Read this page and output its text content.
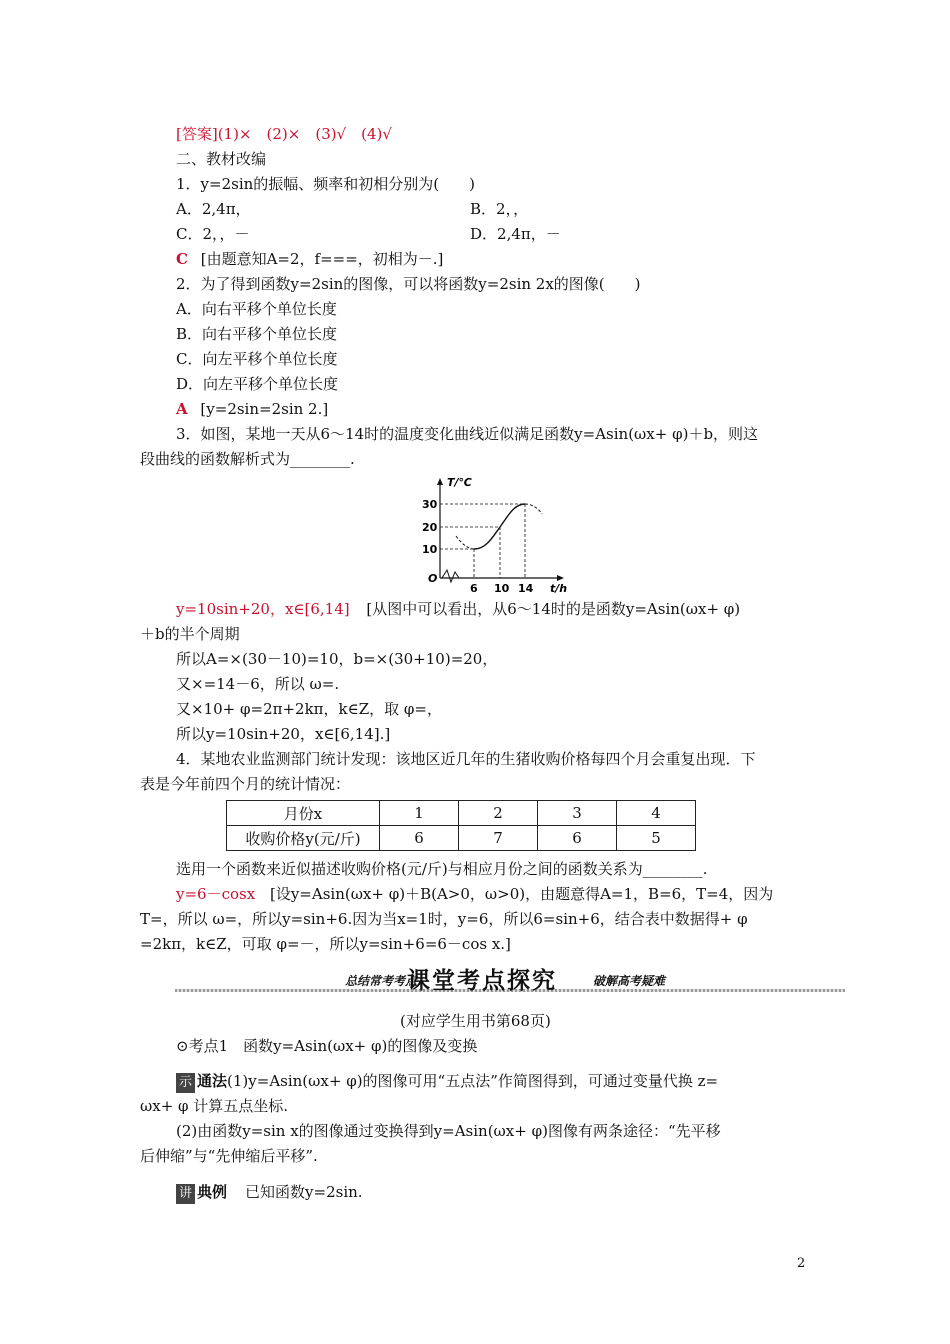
[答案](1)×　(2)×　(3)√　(4)√
二、教材改编
1．y=2sin的振幅、频率和初相分别为(　　)
A．2,4π，	B．2，，
C．2，，－	D．2,4π，－
C [由题意知A=2，f===，初相为－.]
2．为了得到函数y=2sin的图像，可以将函数y=2sin 2x的图像(　　)
A．向右平移个单位长度
B．向右平移个单位长度
C．向左平移个单位长度
D．向左平移个单位长度
A [y=2sin=2sin 2.]
3．如图，某地一天从6～14时的温度变化曲线近似满足函数y=Asin(ωx+ φ)＋b，则这
段曲线的函数解析式为________.
T/℃
t/h
O
30
20
10
6 10 14
y=10sin+20，x∈[6,14] [从图中可以看出，从6～14时的是函数y=Asin(ωx+ φ)
＋b的半个周期
所以A=×(30－10)=10，b=×(30+10)=20，
又×=14－6，所以 ω=.
又×10+ φ=2π+2kπ，k∈Z，取 φ=，
所以y=10sin+20，x∈[6,14].]
4．某地农业监测部门统计发现：该地区近几年的生猪收购价格每四个月会重复出现．下
表是今年前四个月的统计情况：
月份x	1	2	3	4
收购价格y(元/斤)	6	7	6	5
选用一个函数来近似描述收购价格(元/斤)与相应月份之间的函数关系为________.
y=6－cosx [设y=Asin(ωx+ φ)＋B(A>0，ω>0)，由题意得A=1，B=6，T=4，因为
T=，所以 ω=，所以y=sin+6.因为当x=1时，y=6，所以6=sin+6，结合表中数据得+ φ
=2kπ，k∈Z，可取 φ=－，所以y=sin+6=6－cos x.]
总结常考考点
课堂考点探究	破解高考疑难
(对应学生用书第68页)
⊙考点1　函数y=Asin(ωx+ φ)的图像及变换
示 通法(1)y=Asin(ωx+ φ)的图像可用“五点法”作简图得到，可通过变量代换 z=
ωx+ φ 计算五点坐标.
(2)由函数y=sin x的图像通过变换得到y=Asin(ωx+ φ)图像有两条途径：“先平移
后伸缩”与“先伸缩后平移”.
讲 典例 已知函数y=2sin.
2
